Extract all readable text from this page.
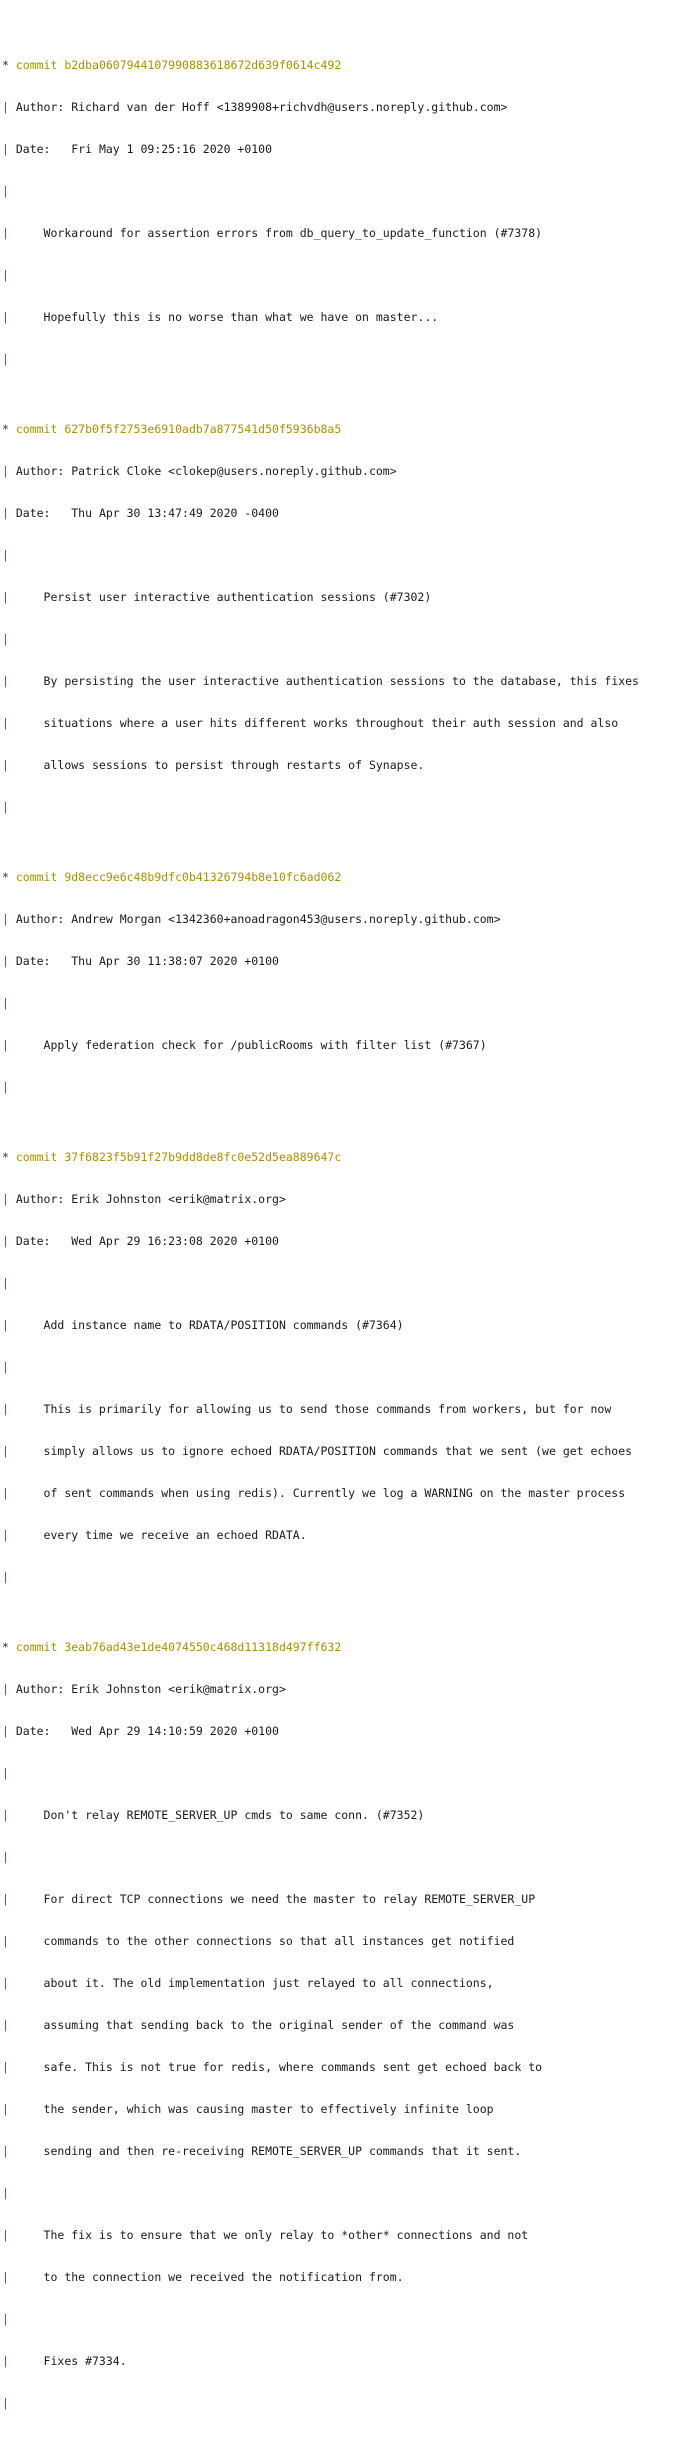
* commit b2dba0607944107990883618672d639f0614c492

| Author: Richard van der Hoff <1389908+richvdh@users.noreply.github.com>

| Date:   Fri May 1 09:25:16 2020 +0100

|

|	Workaround for assertion errors from db_query_to_update_function (#7378)

|

|	Hopefully this is no worse than what we have on master...

|

* commit 627b0f5f2753e6910adb7a877541d50f5936b8a5

| Author: Patrick Cloke <clokep@users.noreply.github.com>

| Date:   Thu Apr 30 13:47:49 2020 -0400

|

|	Persist user interactive authentication sessions (#7302)

|

|	By persisting the user interactive authentication sessions to the database, this fixes

|	situations where a user hits different works throughout their auth session and also

|	allows sessions to persist through restarts of Synapse.

|

* commit 9d8ecc9e6c48b9dfc0b41326794b8e10fc6ad062

| Author: Andrew Morgan <1342360+anoadragon453@users.noreply.github.com>

| Date:   Thu Apr 30 11:38:07 2020 +0100

|

|	Apply federation check for /publicRooms with filter list (#7367)

|

* commit 37f6823f5b91f27b9dd8de8fc0e52d5ea889647c

| Author: Erik Johnston <erik@matrix.org>

| Date:   Wed Apr 29 16:23:08 2020 +0100

|

|	Add instance name to RDATA/POSITION commands (#7364)

|

|	This is primarily for allowing us to send those commands from workers, but for now

|	simply allows us to ignore echoed RDATA/POSITION commands that we sent (we get echoes

|	of sent commands when using redis). Currently we log a WARNING on the master process

|	every time we receive an echoed RDATA.

|

* commit 3eab76ad43e1de4074550c468d11318d497ff632

| Author: Erik Johnston <erik@matrix.org>

| Date:   Wed Apr 29 14:10:59 2020 +0100

|

|	Don't relay REMOTE_SERVER_UP cmds to same conn. (#7352)

|

|	For direct TCP connections we need the master to relay REMOTE_SERVER_UP

|	commands to the other connections so that all instances get notified

|	about it. The old implementation just relayed to all connections,

|	assuming that sending back to the original sender of the command was

|	safe. This is not true for redis, where commands sent get echoed back to

|	the sender, which was causing master to effectively infinite loop

|	sending and then re-receiving REMOTE_SERVER_UP commands that it sent.

|

|	The fix is to ensure that we only relay to *other* connections and not

|	to the connection we received the notification from.

|

|	Fixes #7334.

|
